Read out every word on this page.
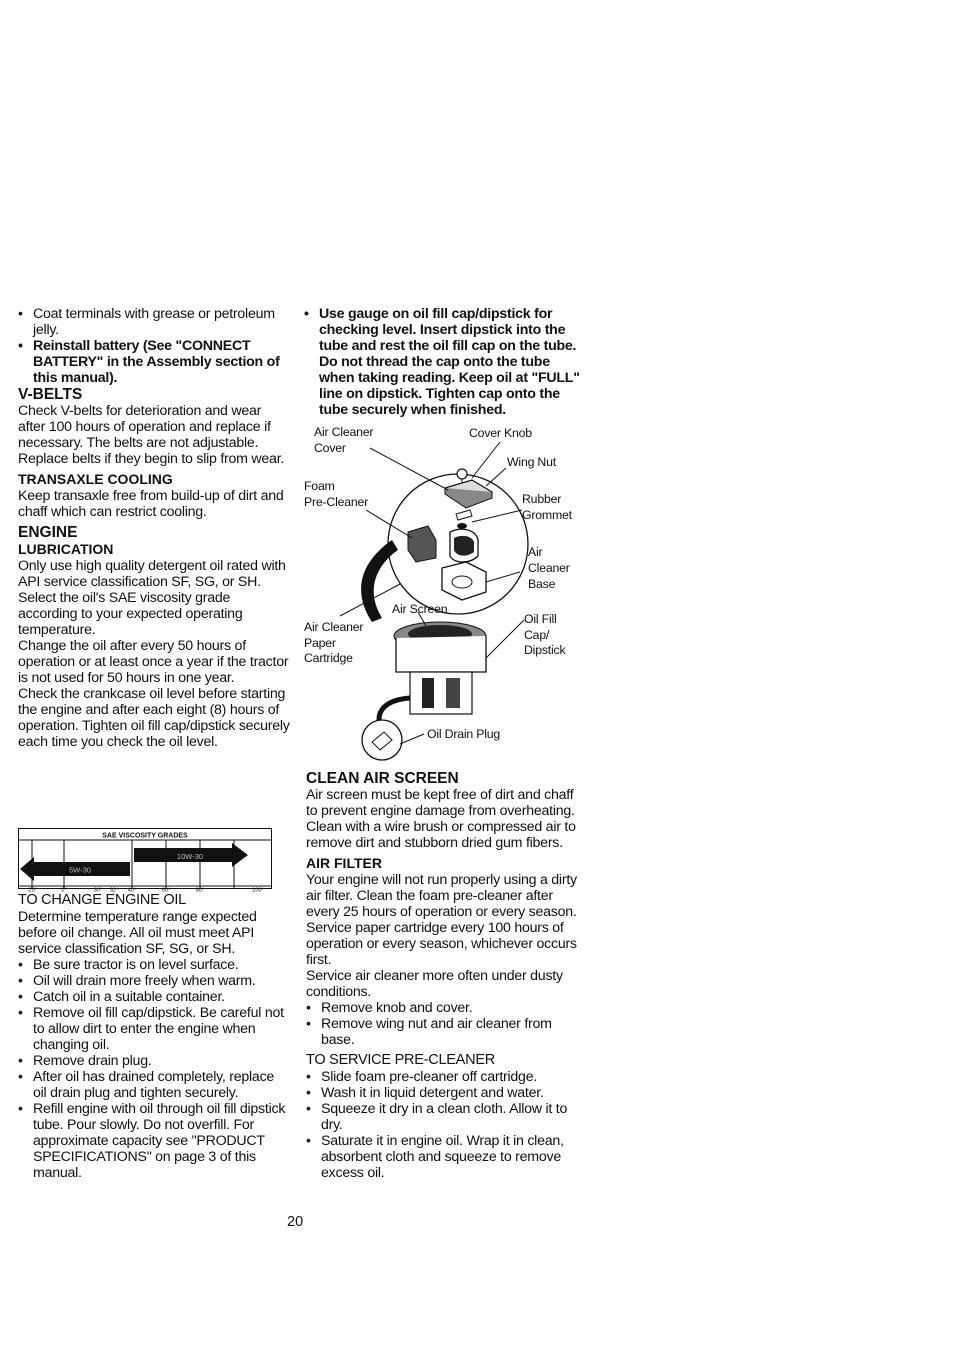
• Coat terminals with grease or petroleum jelly.
• Reinstall battery (See "CONNECT BATTERY" in the Assembly section of this manual).
V-BELTS

Check V-belts for deterioration and wear after 100 hours of operation and replace if necessary. The belts are not adjustable. Replace belts if they begin to slip from wear.

TRANSAXLE COOLING

Keep transaxle free from build-up of dirt and chaff which can restrict cooling.

ENGINE
LUBRICATION

Only use high quality detergent oil rated with API service classification SF, SG, or SH. Select the oil's SAE viscosity grade according to your expected operating temperature.

Change the oil after every 50 hours of operation or at least once a year if the tractor is not used for 50 hours in one year.

Check the crankcase oil level before starting the engine and after each eight (8) hours of operation. Tighten oil fill cap/dipstick securely each time you check the oil level.

SAE VISCOSITY GRADES
10W-30
5W-30
-20°	0°	30° 32° 40°	60°	80°	100°
TO CHANGE ENGINE OIL

Determine temperature range expected before oil change. All oil must meet API service classification SF, SG, or SH.

• Be sure tractor is on level surface.
• Oil will drain more freely when warm.
• Catch oil in a suitable container.
• Remove oil fill cap/dipstick. Be careful not to allow dirt to enter the engine when changing oil.
• Remove drain plug.
• After oil has drained completely, replace oil drain plug and tighten securely.
• Refill engine with oil through oil fill dipstick tube. Pour slowly. Do not overfill. For approximate capacity see "PRODUCT SPECIFICATIONS" on page 3 of this manual.
• Use gauge on oil fill cap/dipstick for checking level. Insert dipstick into the tube and rest the oil fill cap on the tube. Do not thread the cap onto the tube when taking reading. Keep oil at "FULL" line on dipstick. Tighten cap onto the tube securely when finished.
Air Cleaner
Cover
Cover Knob
Wing Nut
Foam
Pre-Cleaner	Rubber
Grommet
Air
Cleaner
Base
Air Screen
Air Cleaner
Paper
Cartridge
Oil Fill
Cap/
Dipstick
Oil Drain Plug
CLEAN AIR SCREEN

Air screen must be kept free of dirt and chaff to prevent engine damage from overheating. Clean with a wire brush or compressed air to remove dirt and stubborn dried gum fibers.

AIR FILTER

Your engine will not run properly using a dirty air filter. Clean the foam pre-cleaner after every 25 hours of operation or every season. Service paper cartridge every 100 hours of operation or every season, whichever occurs first.

Service air cleaner more often under dusty conditions.

• Remove knob and cover.
• Remove wing nut and air cleaner from base.
TO SERVICE PRE-CLEANER
• Slide foam pre-cleaner off cartridge.
• Wash it in liquid detergent and water.
• Squeeze it dry in a clean cloth. Allow it to dry.
• Saturate it in engine oil. Wrap it in clean, absorbent cloth and squeeze to remove excess oil.
20
